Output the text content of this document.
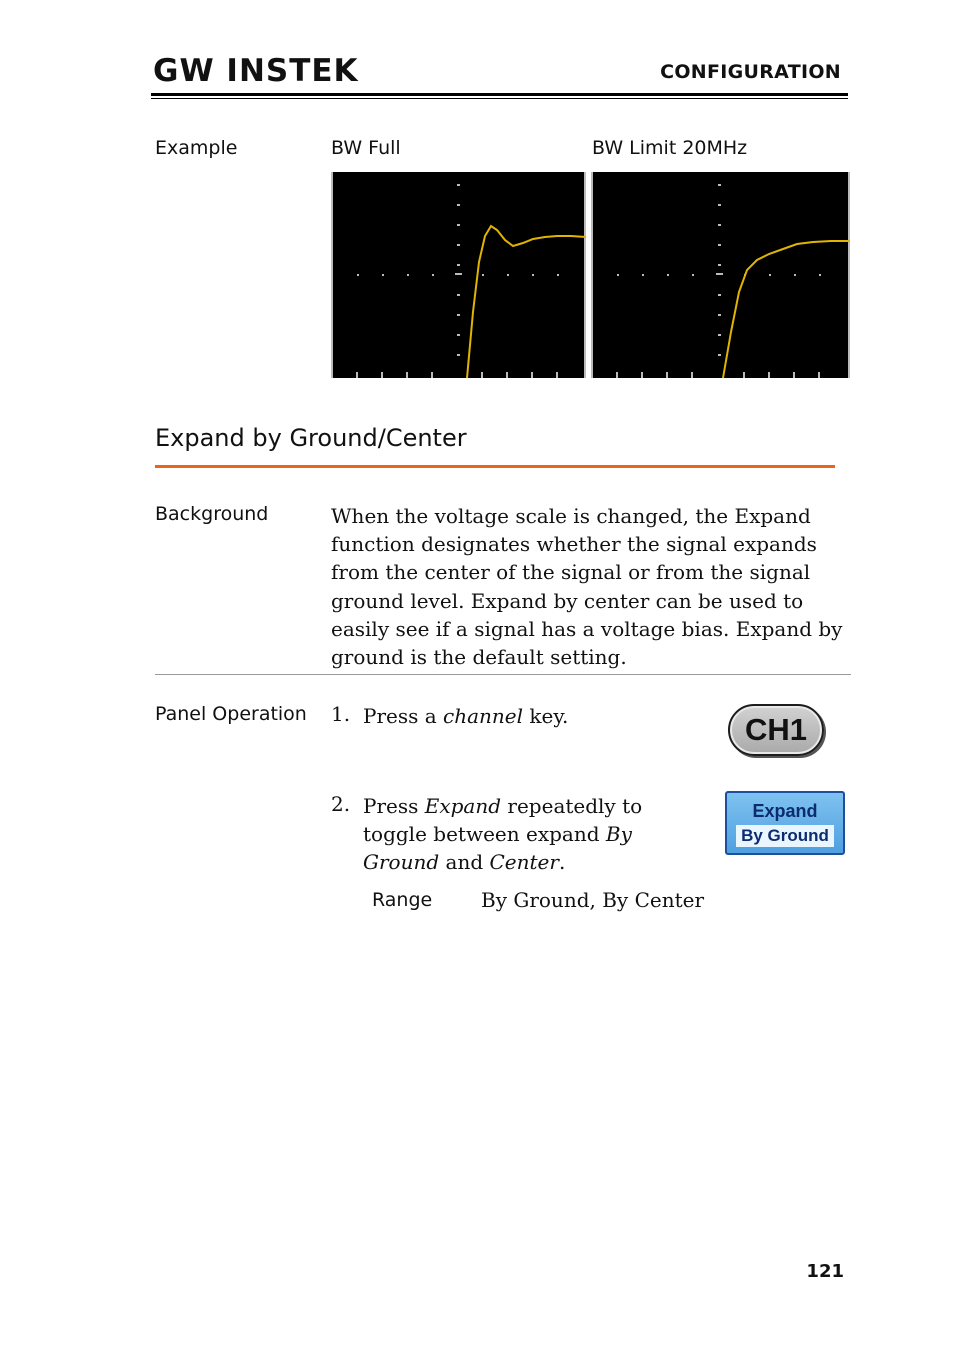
GW INSTEK	CONFIGURATION
Example	BW Full	BW Limit 20MHz
Expand by Ground/Center
Background	When the voltage scale is changed, the Expand function designates whether the signal expands from the center of the signal or from the signal ground level. Expand by center can be used to easily see if a signal has a voltage bias. Expand by ground is the default setting.
Panel Operation 1. Press a channel key.	CH1
2. Press Expand repeatedly to toggle between expand By Ground and Center.
Expand
By Ground
Range By Ground, By Center
121
